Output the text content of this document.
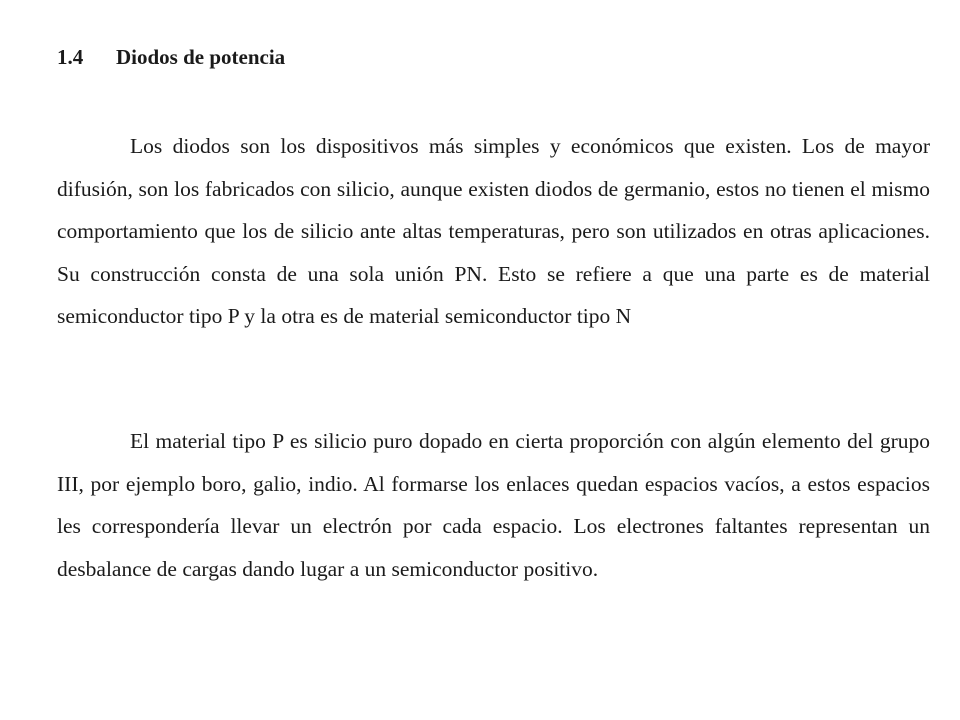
1.4 Diodos de potencia

Los diodos son los dispositivos más simples y económicos que existen. Los de mayor difusión, son los fabricados con silicio, aunque existen diodos de germanio, estos no tienen el mismo comportamiento que los de silicio ante altas temperaturas, pero son utilizados en otras aplicaciones. Su construcción consta de una sola unión PN. Esto se refiere a que una parte es de material semiconductor tipo P y la otra es de material semiconductor tipo N

El material tipo P es silicio puro dopado en cierta proporción con algún elemento del grupo III, por ejemplo boro, galio, indio. Al formarse los enlaces quedan espacios vacíos, a estos espacios les correspondería llevar un electrón por cada espacio. Los electrones faltantes representan un desbalance de cargas dando lugar a un semiconductor positivo.
